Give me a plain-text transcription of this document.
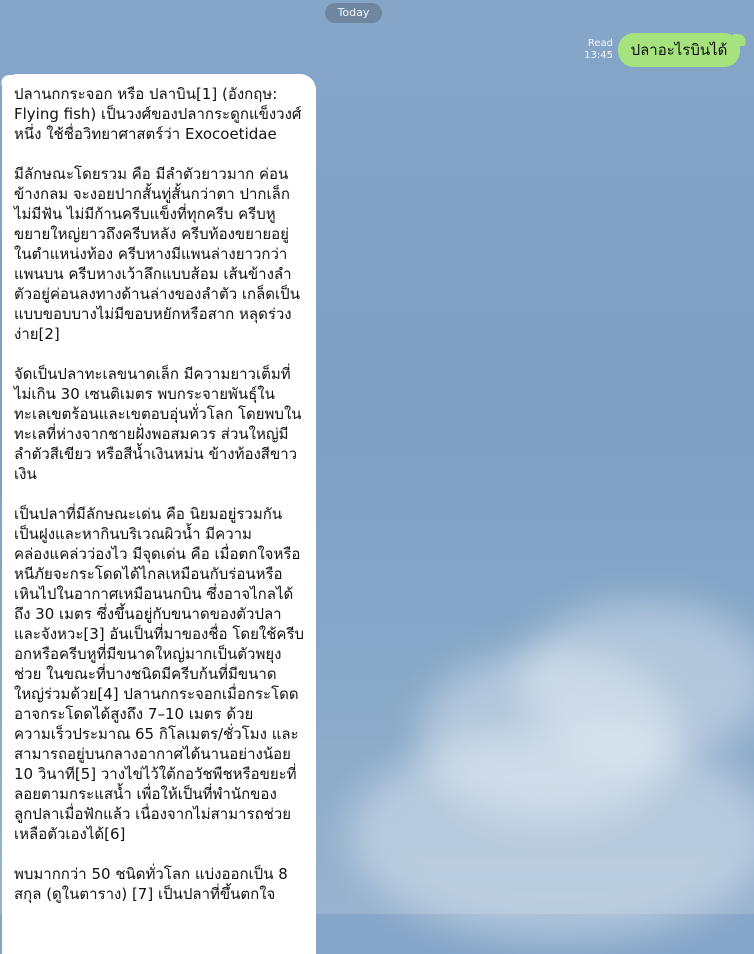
Today
Read
13:45	ปลาอะไรบินได้
ปลานกกระจอก หรือ ปลาบิน[1] (อังกฤษ: Flying fish) เป็นวงศ์ของปลากระดูกแข็งวงศ์หนึ่ง ใช้ชื่อวิทยาศาสตร์ว่า Exocoetidae

มีลักษณะโดยรวม คือ มีลำตัวยาวมาก ค่อนข้างกลม จะงอยปากสั้นทู่สั้นกว่าตา ปากเล็กไม่มีฟัน ไม่มีก้านครีบแข็งที่ทุกครีบ ครีบหูขยายใหญ่ยาวถึงครีบหลัง ครีบท้องขยายอยู่ในตำแหน่งท้อง ครีบหางมีแพนล่างยาวกว่าแพนบน ครีบหางเว้าลึกแบบส้อม เส้นข้างลำตัวอยู่ค่อนลงทางด้านล่างของลำตัว เกล็ดเป็นแบบขอบบางไม่มีขอบหยักหรือสาก หลุดร่วงง่าย[2]

จัดเป็นปลาทะเลขนาดเล็ก มีความยาวเต็มที่ไม่เกิน 30 เซนติเมตร พบกระจายพันธุ์ในทะเลเขตร้อนและเขตอบอุ่นทั่วโลก โดยพบในทะเลที่ห่างจากชายฝั่งพอสมควร ส่วนใหญ่มีลำตัวสีเขียว หรือสีน้ำเงินหม่น ข้างท้องสีขาวเงิน

เป็นปลาที่มีลักษณะเด่น คือ นิยมอยู่รวมกันเป็นฝูงและหากินบริเวณผิวน้ำ มีความคล่องแคล่วว่องไว มีจุดเด่น คือ เมื่อตกใจหรือหนีภัยจะกระโดดได้ไกลเหมือนกับร่อนหรือเหินไปในอากาศเหมือนนกบิน ซึ่งอาจไกลได้ถึง 30 เมตร ซึ่งขึ้นอยู่กับขนาดของตัวปลาและจังหวะ[3] อันเป็นที่มาของชื่อ โดยใช้ครีบอกหรือครีบหูที่มีขนาดใหญ่มากเป็นตัวพยุงช่วย ในขณะที่บางชนิดมีครีบก้นที่มีขนาดใหญ่ร่วมด้วย[4] ปลานกกระจอกเมื่อกระโดดอาจกระโดดได้สูงถึง 7–10 เมตร ด้วยความเร็วประมาณ 65 กิโลเมตร/ชั่วโมง และสามารถอยู่บนกลางอากาศได้นานอย่างน้อย 10 วินาที[5] วางไข่ไว้ใต้กอวัชพืชหรือขยะที่ลอยตามกระแสน้ำ เพื่อให้เป็นที่พำนักของลูกปลาเมื่อฟักแล้ว เนื่องจากไม่สามารถช่วยเหลือตัวเองได้[6]

พบมากกว่า 50 ชนิดทั่วโลก แบ่งออกเป็น 8 สกุล (ดูในตาราง) [7] เป็นปลาที่ขึ้นตกใจ
